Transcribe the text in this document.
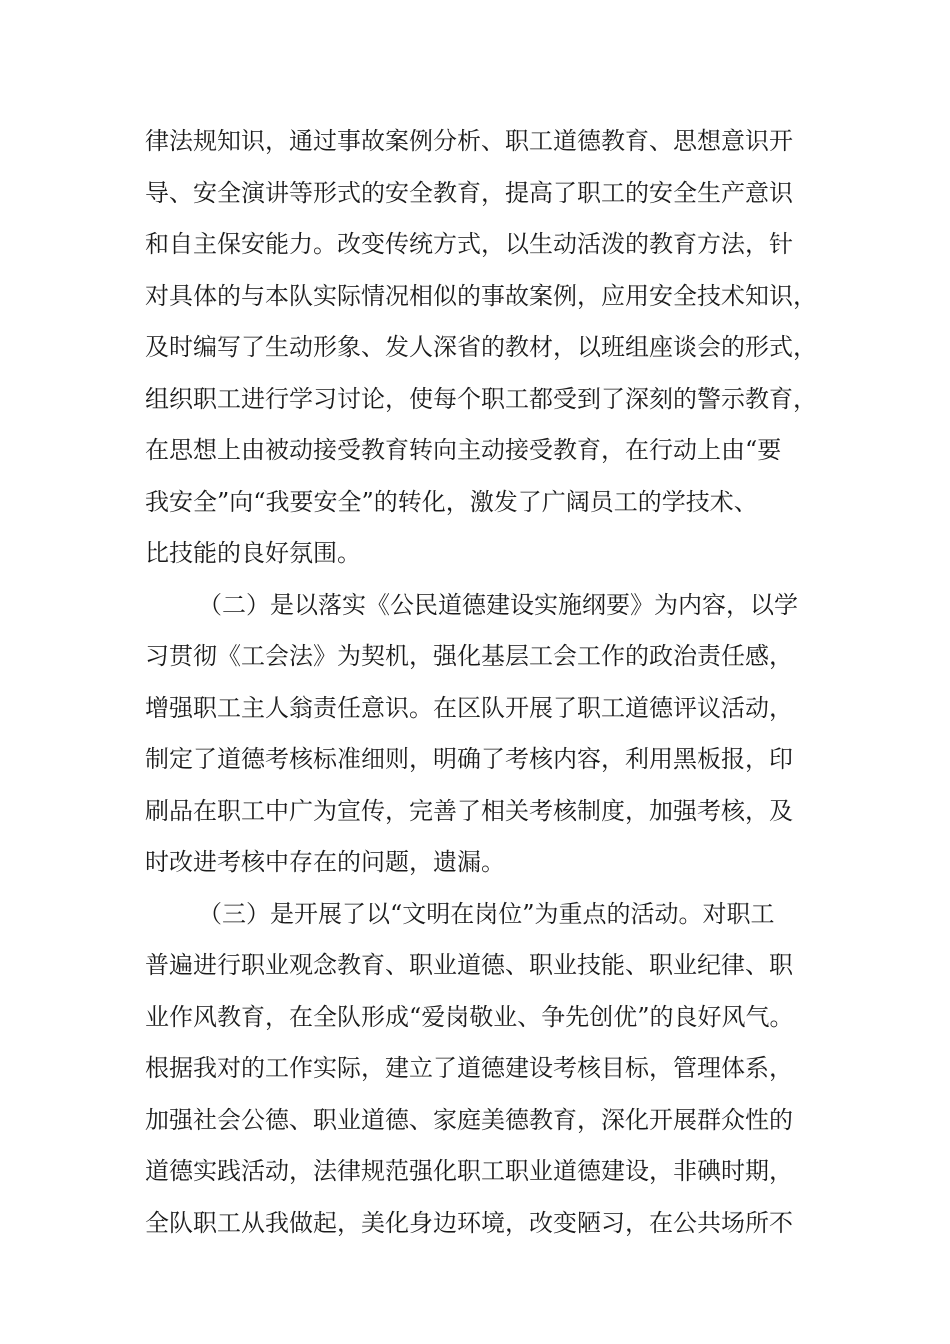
律法规知识，通过事故案例分析、职工道德教育、思想意识开
导、安全演讲等形式的安全教育，提高了职工的安全生产意识
和自主保安能力。改变传统方式，以生动活泼的教育方法，针
对具体的与本队实际情况相似的事故案例，应用安全技术知识，
及时编写了生动形象、发人深省的教材，以班组座谈会的形式，
组织职工进行学习讨论，使每个职工都受到了深刻的警示教育，
在思想上由被动接受教育转向主动接受教育，在行动上由“要
我安全”向“我要安全”的转化，激发了广阔员工的学技术、
比技能的良好氛围。
（二）是以落实《公民道德建设实施纲要》为内容，以学
习贯彻《工会法》为契机，强化基层工会工作的政治责任感，
增强职工主人翁责任意识。在区队开展了职工道德评议活动，
制定了道德考核标准细则，明确了考核内容，利用黑板报，印
刷品在职工中广为宣传，完善了相关考核制度，加强考核，及
时改进考核中存在的问题，遗漏。
（三）是开展了以“文明在岗位”为重点的活动。对职工
普遍进行职业观念教育、职业道德、职业技能、职业纪律、职
业作风教育，在全队形成“爱岗敬业、争先创优”的良好风气。
根据我对的工作实际，建立了道德建设考核目标，管理体系，
加强社会公德、职业道德、家庭美德教育，深化开展群众性的
道德实践活动，法律规范强化职工职业道德建设，非碘时期，
全队职工从我做起，美化身边环境，改变陋习，在公共场所不
